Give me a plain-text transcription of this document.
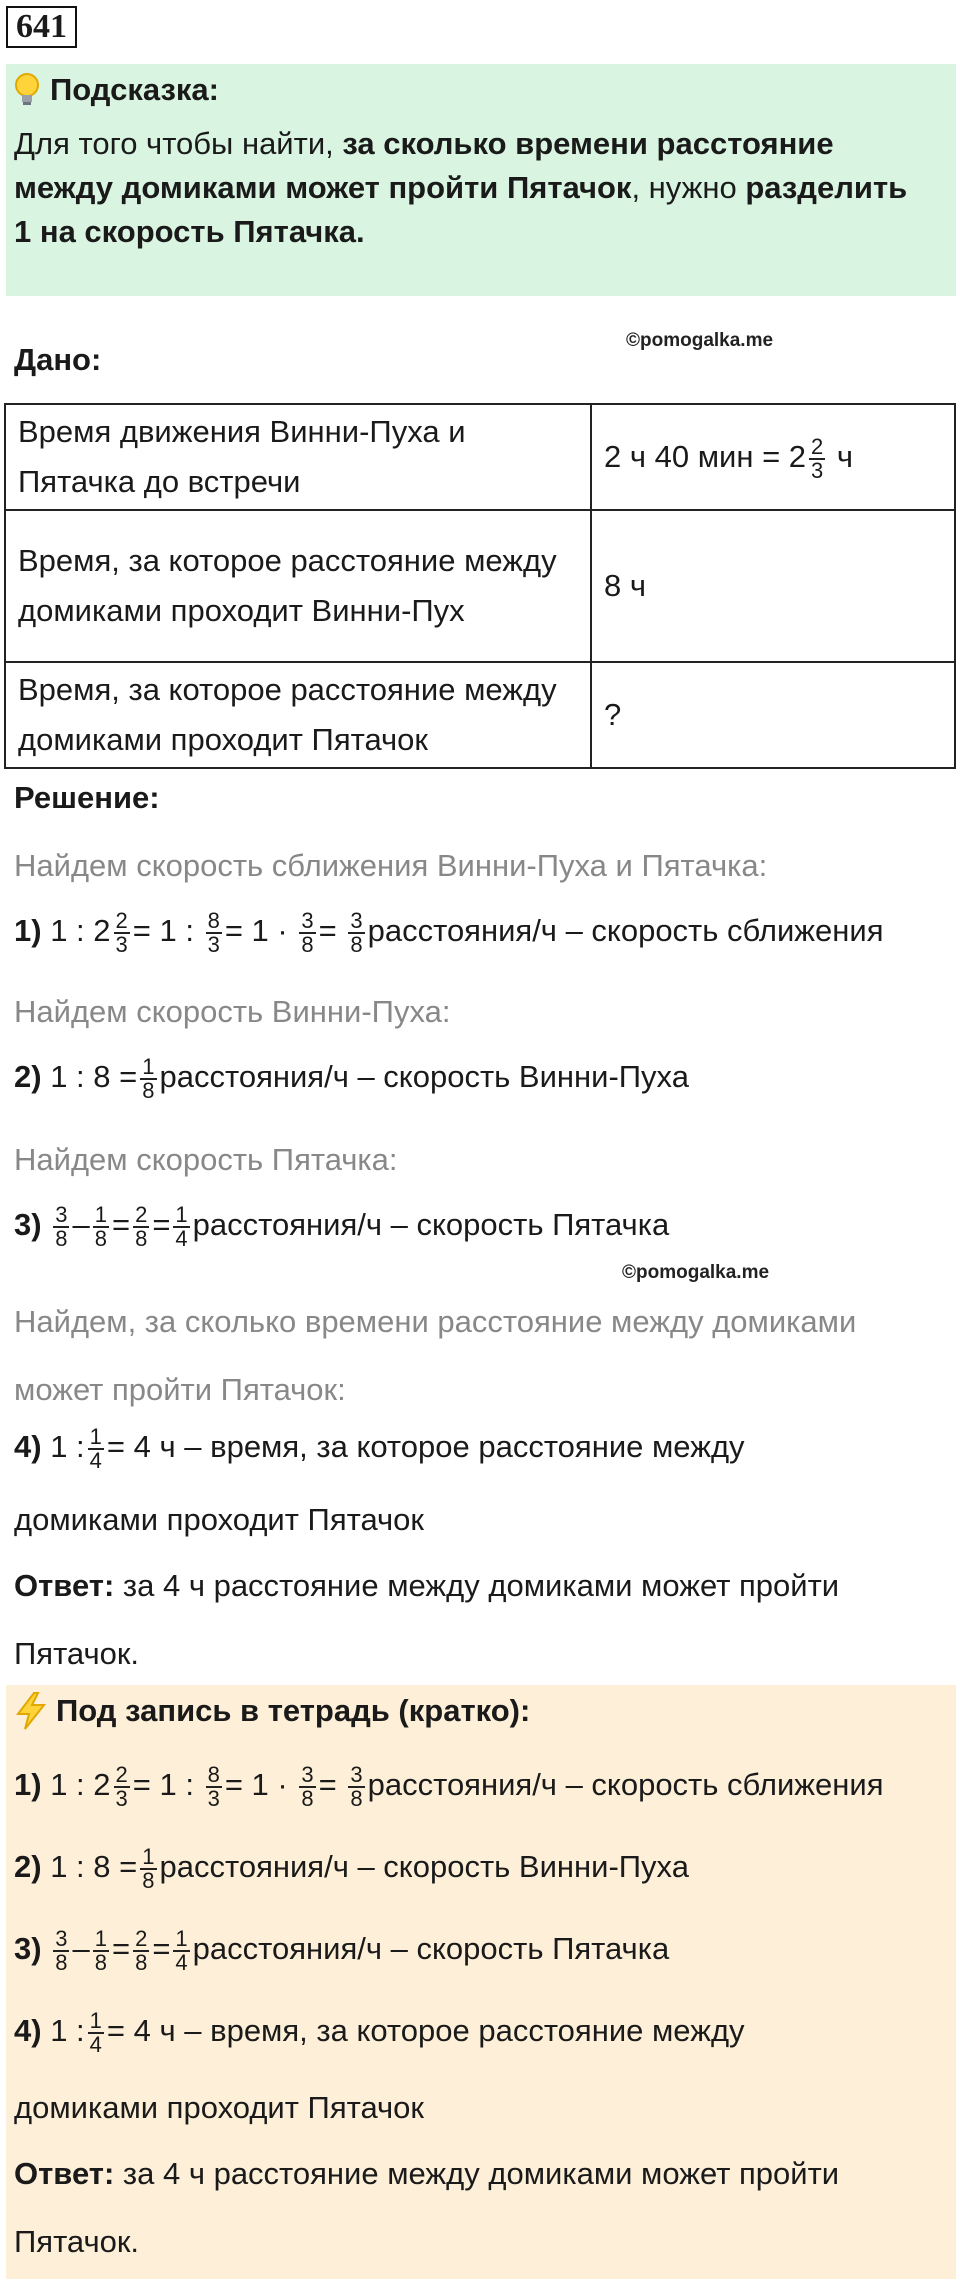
641
Подсказка:
Для того чтобы найти, за сколько времени расстояние между домиками может пройти Пятачок, нужно разделить 1 на скорость Пятачка.
©pomogalka.me
Дано:
Время движения Винни-Пуха и Пятачка до встречи	2 ч 40 мин = $2 \frac{2}{3}$ ч
Время, за которое расстояние между домиками проходит Винни-Пух	8 ч
Время, за которое расстояние между домиками проходит Пятачок	?
Решение:
Найдем скорость сближения Винни-Пуха и Пятачка:
1) 1 : $2 \frac{2}{3} = 1$ : $\frac{8}{3} = 1 \cdot \frac{3}{8} = \frac{3}{8}$ расстояния/ч – скорость сближения
Найдем скорость Винни-Пуха:
2) 1 : $8 = \frac{1}{8}$ расстояния/ч – скорость Винни-Пуха
Найдем скорость Пятачка:
$3) \frac{3}{8} - \frac{1}{8} = \frac{2}{8} = \frac{1}{4}$ расстояния/ч – скорость Пятачка
©pomogalka.me
Найдем, за сколько времени расстояние между домиками может пройти Пятачок:
4) 1 : $\frac{1}{4} = 4$ ч – время, за которое расстояние между
домиками проходит Пятачок
Ответ: за 4 ч расстояние между домиками может пройти
Пятачок.
Под запись в тетрадь (кратко):
1) 1 : $2 \frac{2}{3} = 1$ : $\frac{8}{3} = 1 \cdot \frac{3}{8} = \frac{3}{8}$ расстояния/ч – скорость сближения
2) 1 : $8 = \frac{1}{8}$ расстояния/ч – скорость Винни-Пуха
$3) \frac{3}{8} - \frac{1}{8} = \frac{2}{8} = \frac{1}{4}$ расстояния/ч – скорость Пятачка
4) 1 : $\frac{1}{4} = 4$ ч – время, за которое расстояние между
домиками проходит Пятачок
Ответ: за 4 ч расстояние между домиками может пройти
Пятачок.
